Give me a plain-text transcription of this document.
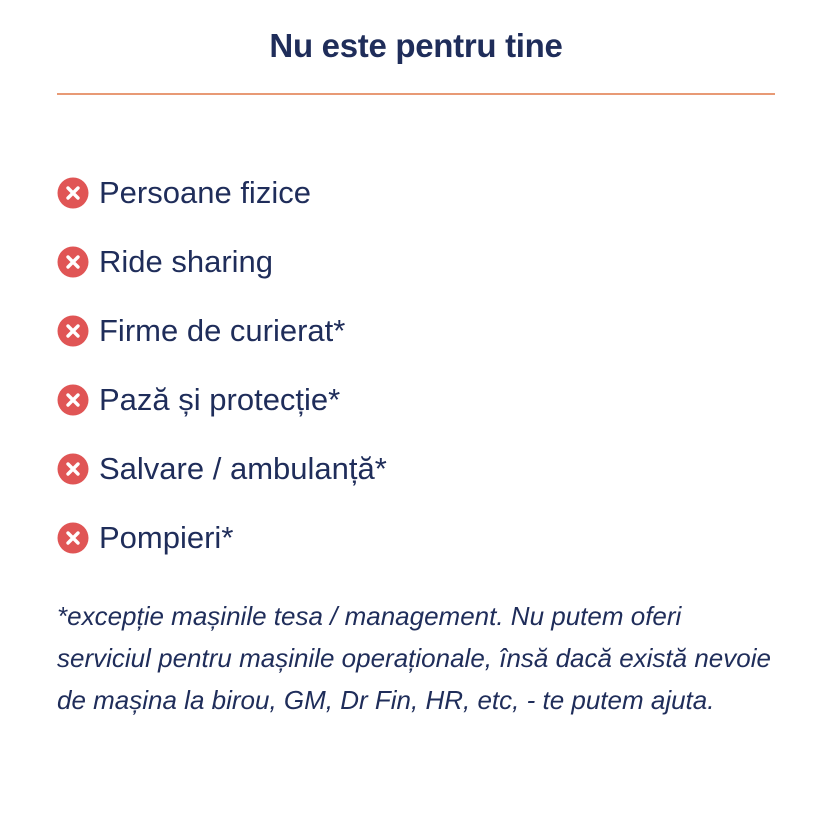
Nu este pentru tine
Persoane fizice
Ride sharing
Firme de curierat*
Pază și protecție*
Salvare / ambulanță*
Pompieri*

*excepție mașinile tesa / management. Nu putem oferi serviciul pentru mașinile operaționale, însă dacă există nevoie de mașina la birou, GM, Dr Fin, HR, etc, - te putem ajuta.
